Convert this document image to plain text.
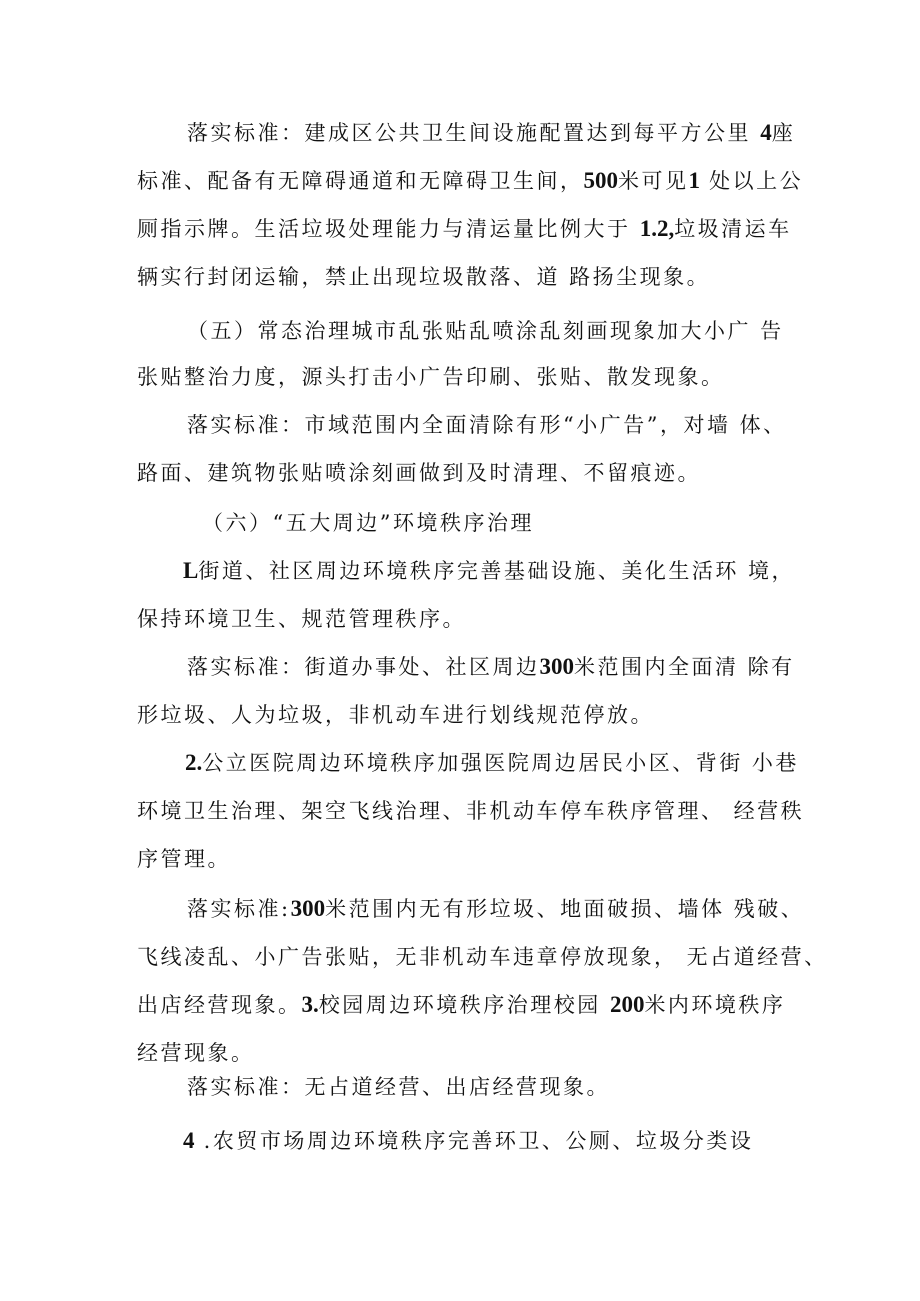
落实标准：建成区公共卫生间设施配置达到每平方公里 4座
标准、配备有无障碍通道和无障碍卫生间，500米可见1 处以上公
厕指示牌。生活垃圾处理能力与清运量比例大于 1.2,垃圾清运车
辆实行封闭运输，禁止出现垃圾散落、道 路扬尘现象。
（五）常态治理城市乱张贴乱喷涂乱刻画现象加大小广 告
张贴整治力度，源头打击小广告印刷、张贴、散发现象。
落实标准：市域范围内全面清除有形“小广告”，对墙 体、
路面、建筑物张贴喷涂刻画做到及时清理、不留痕迹。
（六）“五大周边”环境秩序治理
L街道、社区周边环境秩序完善基础设施、美化生活环 境，
保持环境卫生、规范管理秩序。
落实标准：街道办事处、社区周边300米范围内全面清 除有
形垃圾、人为垃圾，非机动车进行划线规范停放。
2.公立医院周边环境秩序加强医院周边居民小区、背街 小巷
环境卫生治理、架空飞线治理、非机动车停车秩序管理、 经营秩
序管理。
落实标准:300米范围内无有形垃圾、地面破损、墙体 残破、
飞线凌乱、小广告张贴，无非机动车违章停放现象， 无占道经营、
出店经营现象。3.校园周边环境秩序治理校园 200米内环境秩序
经营现象。
落实标准：无占道经营、出店经营现象。
4 .农贸市场周边环境秩序完善环卫、公厕、垃圾分类设
